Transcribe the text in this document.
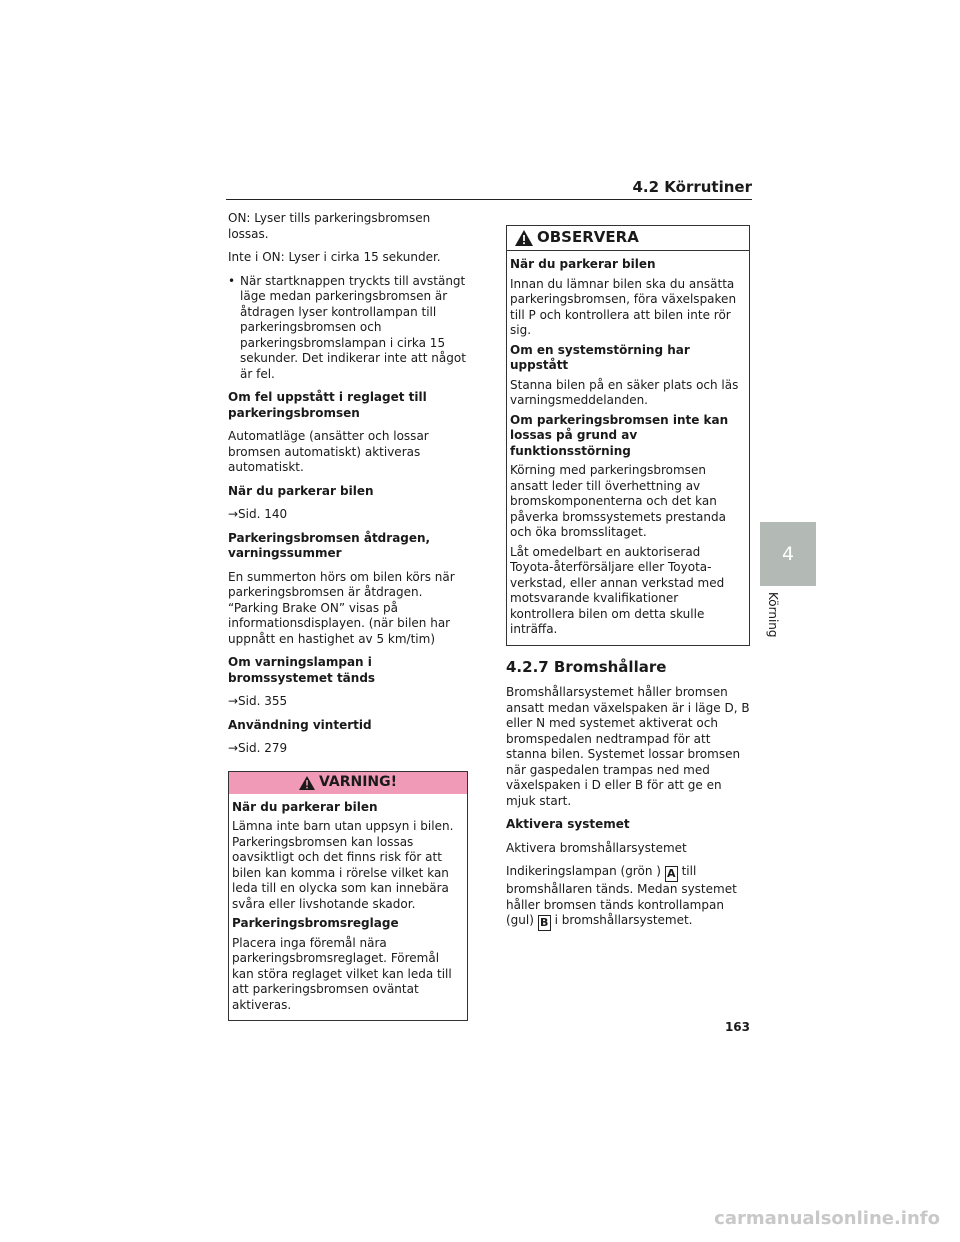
4.2 Körrutiner

ON: Lyser tills parkeringsbromsen lossas.

Inte i ON: Lyser i cirka 15 sekunder.

• När startknappen tryckts till avstängt läge medan parkeringsbromsen är åtdragen lyser kontrollampan till parkeringsbromsen och parkeringsbromslampan i cirka 15 sekunder. Det indikerar inte att något är fel.

Om fel uppstått i reglaget till parkeringsbromsen

Automatläge (ansätter och lossar bromsen automatiskt) aktiveras automatiskt.

När du parkerar bilen

→Sid. 140

Parkeringsbromsen åtdragen, varningssummer

En summerton hörs om bilen körs när parkeringsbromsen är åtdragen. “Parking Brake ON” visas på informationsdisplayen. (när bilen har uppnått en hastighet av 5 km/tim)

Om varningslampan i bromssystemet tänds

→Sid. 355

Användning vintertid

→Sid. 279

VARNING!

När du parkerar bilen

Lämna inte barn utan uppsyn i bilen. Parkeringsbromsen kan lossas oavsiktligt och det finns risk för att bilen kan komma i rörelse vilket kan leda till en olycka som kan innebära svåra eller livshotande skador.

Parkeringsbromsreglage

Placera inga föremål nära parkeringsbromsreglaget. Föremål kan störa reglaget vilket kan leda till att parkeringsbromsen oväntat aktiveras.

OBSERVERA

När du parkerar bilen

Innan du lämnar bilen ska du ansätta parkeringsbromsen, föra växelspaken till P och kontrollera att bilen inte rör sig.

Om en systemstörning har uppstått

Stanna bilen på en säker plats och läs varningsmeddelanden.

Om parkeringsbromsen inte kan lossas på grund av funktionsstörning

Körning med parkeringsbromsen ansatt leder till överhettning av bromskomponenterna och det kan påverka bromssystemets prestanda och öka bromsslitaget.

Låt omedelbart en auktoriserad Toyota-återförsäljare eller Toyota-verkstad, eller annan verkstad med motsvarande kvalifikationer kontrollera bilen om detta skulle inträffa.

4.2.7 Bromshållare

Bromshållarsystemet håller bromsen ansatt medan växelspaken är i läge D, B eller N med systemet aktiverat och bromspedalen nedtrampad för att stanna bilen. Systemet lossar bromsen när gaspedalen trampas ned med växelspaken i D eller B för att ge en mjuk start.

Aktivera systemet

Aktivera bromshållarsystemet

Indikeringslampan (grön ) A till bromshållaren tänds. Medan systemet håller bromsen tänds kontrollampan (gul) B i bromshållarsystemet.

4
Körning
163
carmanualsonline.info
